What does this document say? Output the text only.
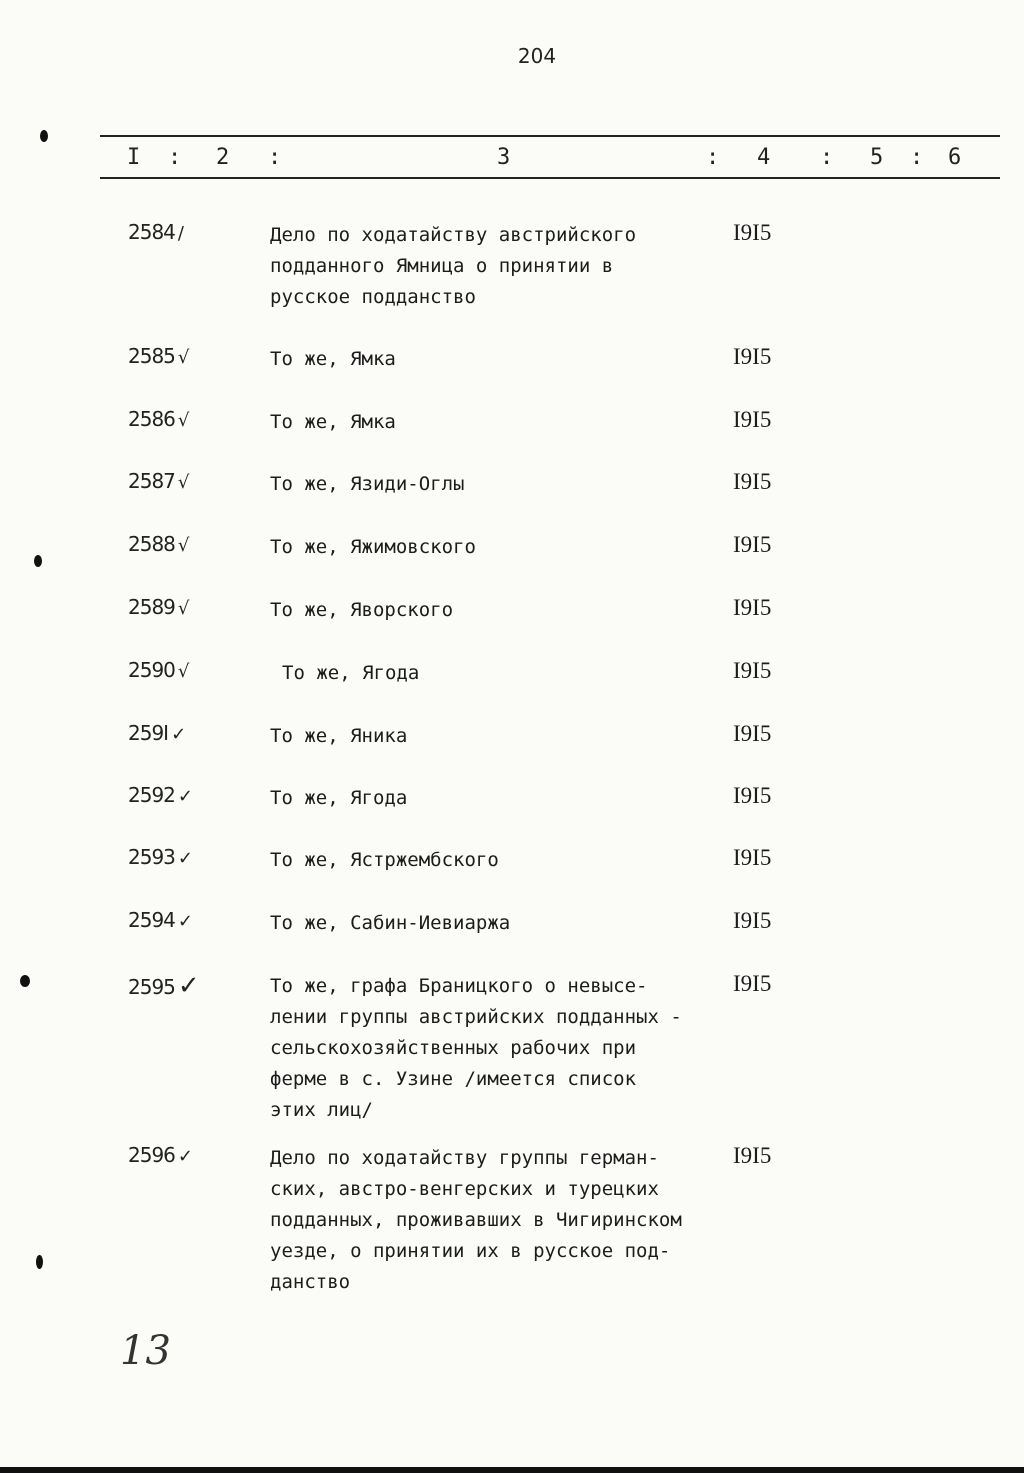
204
I : 2 :	3	: 4 : 5 : 6
2584 /	Дело по ходатайству австрийского
подданного Ямница о принятии в
русское подданство
I9I5
2585 √	То же, Ямка	I9I5
2586 √	То же, Ямка	I9I5
2587 √	То же, Язиди-Оглы	I9I5
2588 √	То же, Яжимовского	I9I5
2589 √	То же, Яворского	I9I5
2590 √	То же, Ягода	I9I5
259I ✓	То же, Яника	I9I5
2592 ✓	То же, Ягода	I9I5
2593 ✓	То же, Ястржембского	I9I5
2594 ✓	То же, Сабин-Иевиаржа	I9I5
2595 ✓	То же, графа Браницкого о невысе-
лении группы австрийских подданных -
сельскохозяйственных рабочих при
ферме в с. Узине /имеется список
этих лиц/
I9I5
2596 ✓	Дело по ходатайству группы герман-
ских, австро-венгерских и турецких
подданных, проживавших в Чигиринском
уезде, о принятии их в русское под-
данство
I9I5
13
